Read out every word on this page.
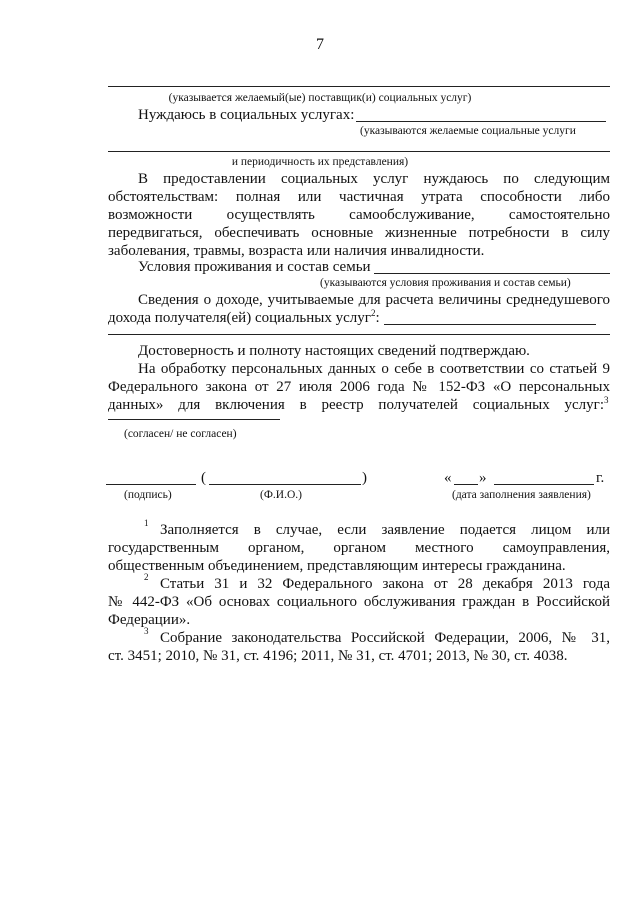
7
(указывается желаемый(ые) поставщик(и) социальных услуг)
Нуждаюсь в социальных услугах:
(указываются желаемые социальные услуги
и периодичность их представления)
В предоставлении социальных услуг нуждаюсь по следующим
обстоятельствам: полная или частичная утрата способности либо
возможности осуществлять самообслуживание, самостоятельно
передвигаться, обеспечивать основные жизненные потребности в силу
заболевания, травмы, возраста или наличия инвалидности.
Условия проживания и состав семьи
(указываются условия проживания и состав семьи)
Сведения о доходе, учитываемые для расчета величины среднедушевого
дохода получателя(ей) социальных услуг$^2$:
Достоверность и полноту настоящих сведений подтверждаю.
На обработку персональных данных о себе в соответствии со статьей 9
Федерального закона от 27 июля 2006 года № 152-ФЗ «О персональных
данных» для включения в реестр получателей социальных услуг:$^3$
(согласен/ не согласен)
(	)	« »	г.
(подпись)	(Ф.И.О.)	(дата заполнения заявления)
1 Заполняется в случае, если заявление подается лицом или
государственным органом, органом местного самоуправления,
общественным объединением, представляющим интересы гражданина.
2 Статьи 31 и 32 Федерального закона от 28 декабря 2013 года
№ 442-ФЗ «Об основах социального обслуживания граждан в Российской
Федерации».
3 Собрание законодательства Российской Федерации, 2006, № 31,
ст. 3451; 2010, № 31, ст. 4196; 2011, № 31, ст. 4701; 2013, № 30, ст. 4038.
